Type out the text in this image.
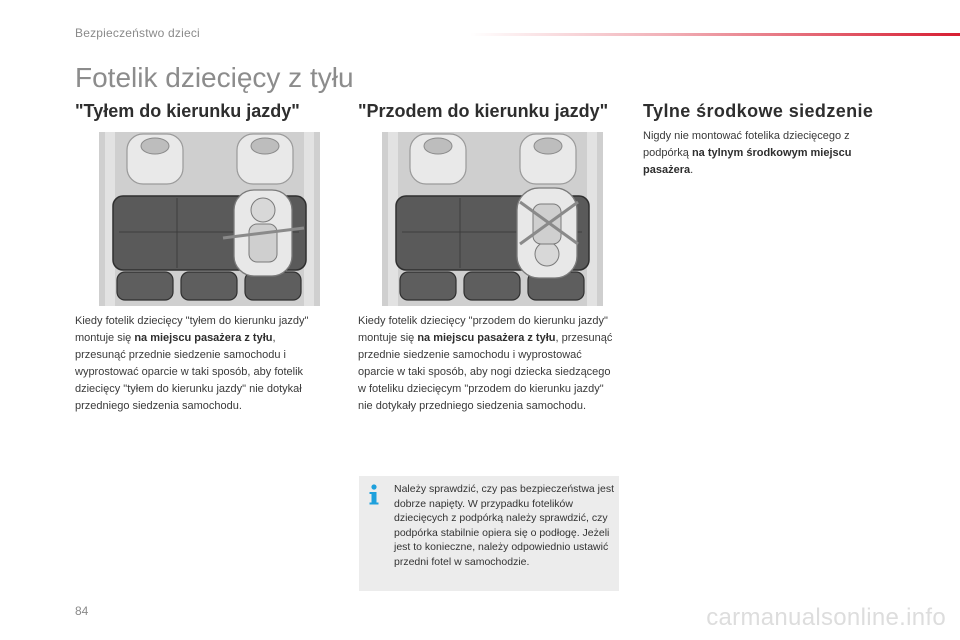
Bezpieczeństwo dzieci
Fotelik dziecięcy z tyłu
"Tyłem do kierunku jazdy"	"Przodem do kierunku jazdy" Tylne środkowe siedzenie

Kiedy fotelik dziecięcy "tyłem do kierunku jazdy" montuje się na miejscu pasażera z tyłu, przesunąć przednie siedzenie samochodu i wyprostować oparcie w taki sposób, aby fotelik dziecięcy "tyłem do kierunku jazdy" nie dotykał przedniego siedzenia samochodu.

Kiedy fotelik dziecięcy "przodem do kierunku jazdy" montuje się na miejscu pasażera z tyłu, przesunąć przednie siedzenie samochodu i wyprostować oparcie w taki sposób, aby nogi dziecka siedzącego w foteliku dziecięcym "przodem do kierunku jazdy" nie dotykały przedniego siedzenia samochodu.

Nigdy nie montować fotelika dziecięcego z podpórką na tylnym środkowym miejscu pasażera.

Należy sprawdzić, czy pas bezpieczeństwa jest dobrze napięty. W przypadku fotelików dziecięcych z podpórką należy sprawdzić, czy podpórka stabilnie opiera się o podłogę. Jeżeli jest to konieczne, należy odpowiednio ustawić przedni fotel w samochodzie.

84	carmanualsonline.info
